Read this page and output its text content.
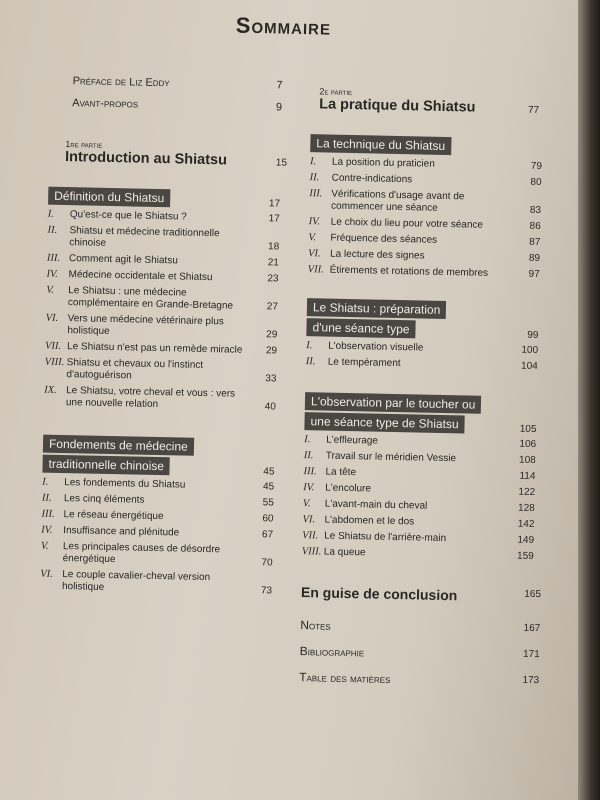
Sommaire
Préface de Liz Eddy	7
Avant-propos	9
1re partie
Introduction au Shiatsu	15
Définition du Shiatsu	17
I.	Qu'est-ce que le Shiatsu ?	17
II.	Shiatsu et médecine traditionnelle chinoise	18
III. Comment agit le Shiatsu	21
IV.	Médecine occidentale et Shiatsu	23
V.	Le Shiatsu : une médecine complémentaire en Grande-Bretagne	27
VI. Vers une médecine vétérinaire plus holistique	29
VII. Le Shiatsu n'est pas un remède miracle	29
VIII. Shiatsu et chevaux ou l'instinct d'autoguérison	33
IX. Le Shiatsu, votre cheval et vous : vers une nouvelle relation	40
Fondements de médecine
traditionnelle chinoise	45
I.	Les fondements du Shiatsu	45
II.	Les cinq éléments	55
III. Le réseau énergétique	60
IV.	Insuffisance and plénitude	67
V.	Les principales causes de désordre énergétique	70
VI. Le couple cavalier-cheval version holistique	73
2e partie
La pratique du Shiatsu	77
La technique du Shiatsu
I.	La position du praticien	79
II.	Contre-indications	80
III. Vérifications d'usage avant de commencer une séance	83
IV.	Le choix du lieu pour votre séance	86
V.	Fréquence des séances	87
VI. La lecture des signes	89
VII. Étirements et rotations de membres	97
Le Shiatsu : préparation
d'une séance type	99
I.	L'observation visuelle	100
II.	Le tempérament	104
L'observation par le toucher ou
une séance type de Shiatsu	105
I.	L'effleurage	106
II.	Travail sur le méridien Vessie	108
III. La tête	114
IV.	L'encolure	122
V.	L'avant-main du cheval	128
VI. L'abdomen et le dos	142
VII. Le Shiatsu de l'arrière-main	149
VIII. La queue	159
En guise de conclusion	165
Notes	167
Bibliographie	171
Table des matières	173
